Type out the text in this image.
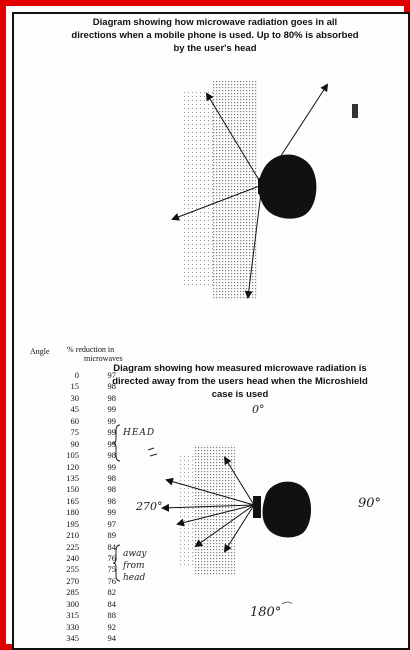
Diagram showing how microwave radiation goes in all directions when a mobile phone is used. Up to 80% is absorbed by the user's head
Diagram showing how measured microwave radiation is directed away from the users head when the Microshield case is used
Angle % reduction in
microwaves
0	97
15	98
30	98
45	99
60	99
75	99
90	99
105	98
120	99
135	98
150	98
165	98
180	99
195	97
210	89
225	84
240	76
255	75
270	76
285	82
300	84
315	88
330	92
345	94
HEAD
away
from
head
0°
90°
180°
270°
